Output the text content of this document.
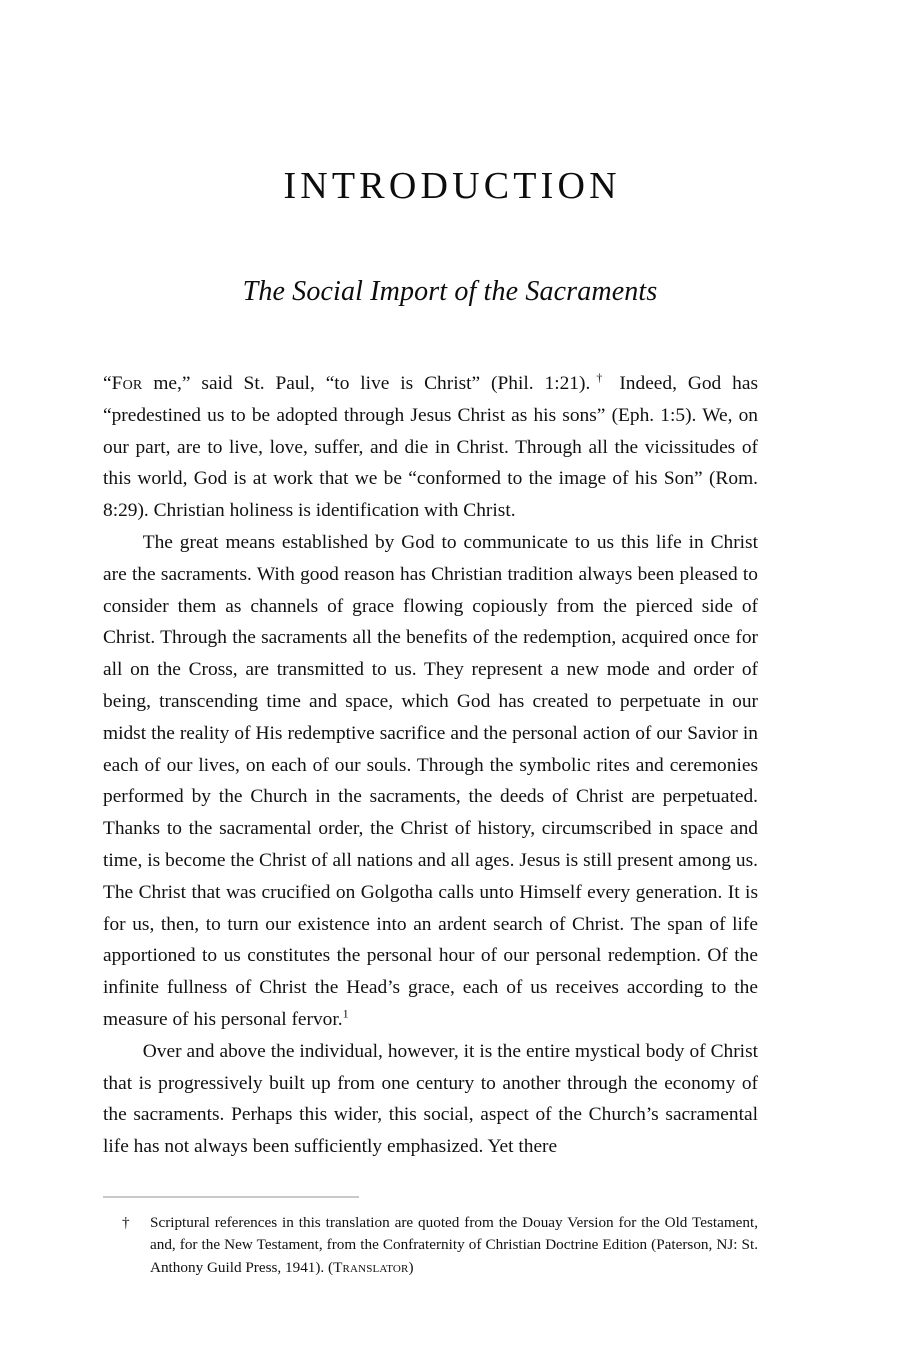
INTRODUCTION
The Social Import of the Sacraments

“For me,” said St. Paul, “to live is Christ” (Phil. 1:21).† Indeed, God has “predestined us to be adopted through Jesus Christ as his sons” (Eph. 1:5). We, on our part, are to live, love, suffer, and die in Christ. Through all the vicissitudes of this world, God is at work that we be “conformed to the image of his Son” (Rom. 8:29). Christian holiness is identification with Christ.

The great means established by God to communicate to us this life in Christ are the sacraments. With good reason has Christian tradition always been pleased to consider them as channels of grace flowing copiously from the pierced side of Christ. Through the sacraments all the benefits of the redemption, acquired once for all on the Cross, are transmitted to us. They represent a new mode and order of being, transcending time and space, which God has created to perpetuate in our midst the reality of His redemptive sacrifice and the personal action of our Savior in each of our lives, on each of our souls. Through the symbolic rites and ceremonies performed by the Church in the sacraments, the deeds of Christ are perpetuated. Thanks to the sacramental order, the Christ of history, circumscribed in space and time, is become the Christ of all nations and all ages. Jesus is still present among us. The Christ that was crucified on Golgotha calls unto Himself every generation. It is for us, then, to turn our existence into an ardent search of Christ. The span of life apportioned to us constitutes the personal hour of our personal redemption. Of the infinite fullness of Christ the Head’s grace, each of us receives according to the measure of his personal fervor.$^1$

Over and above the individual, however, it is the entire mystical body of Christ that is progressively built up from one century to another through the economy of the sacraments. Perhaps this wider, this social, aspect of the Church’s sacramental life has not always been sufficiently emphasized. Yet there

† Scriptural references in this translation are quoted from the Douay Version for the Old Testament, and, for the New Testament, from the Confraternity of Christian Doctrine Edition (Paterson, NJ: St. Anthony Guild Press, 1941). (Translator)
